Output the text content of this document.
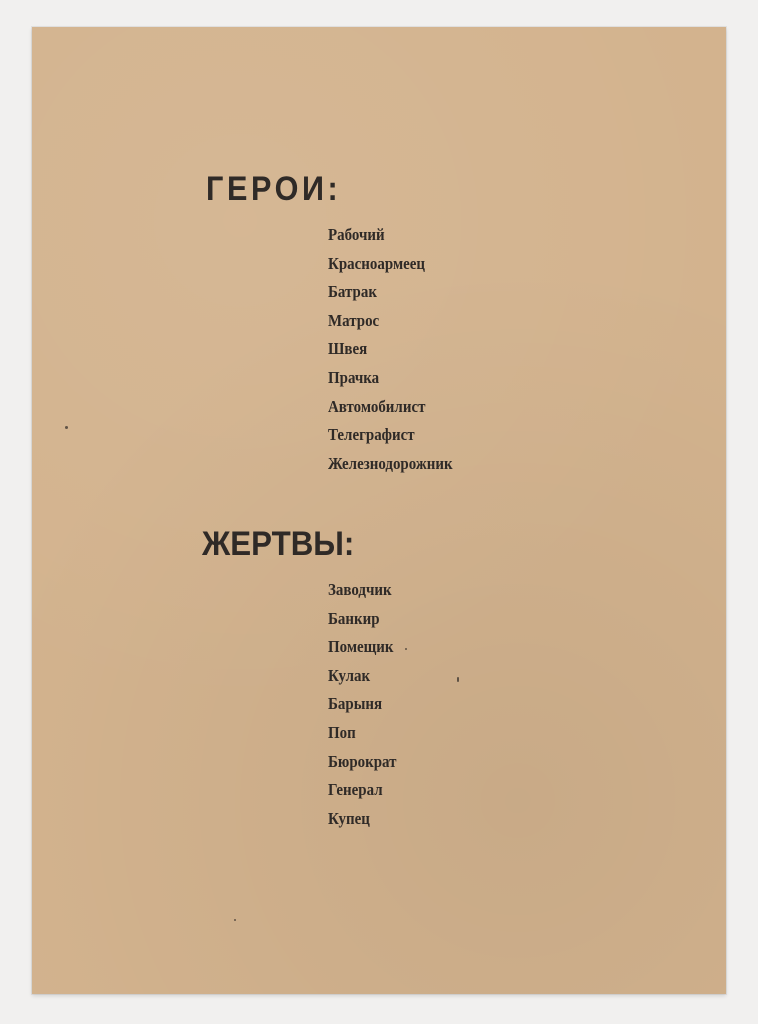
ГЕРОИ:
Рабочий
Красноармеец
Батрак
Матрос
Швея
Прачка
Автомобилист
Телеграфист
Железнодорожник
ЖЕРТВЫ:
Заводчик
Банкир
Помещик
Кулак
Барыня
Поп
Бюрократ
Генерал
Купец
